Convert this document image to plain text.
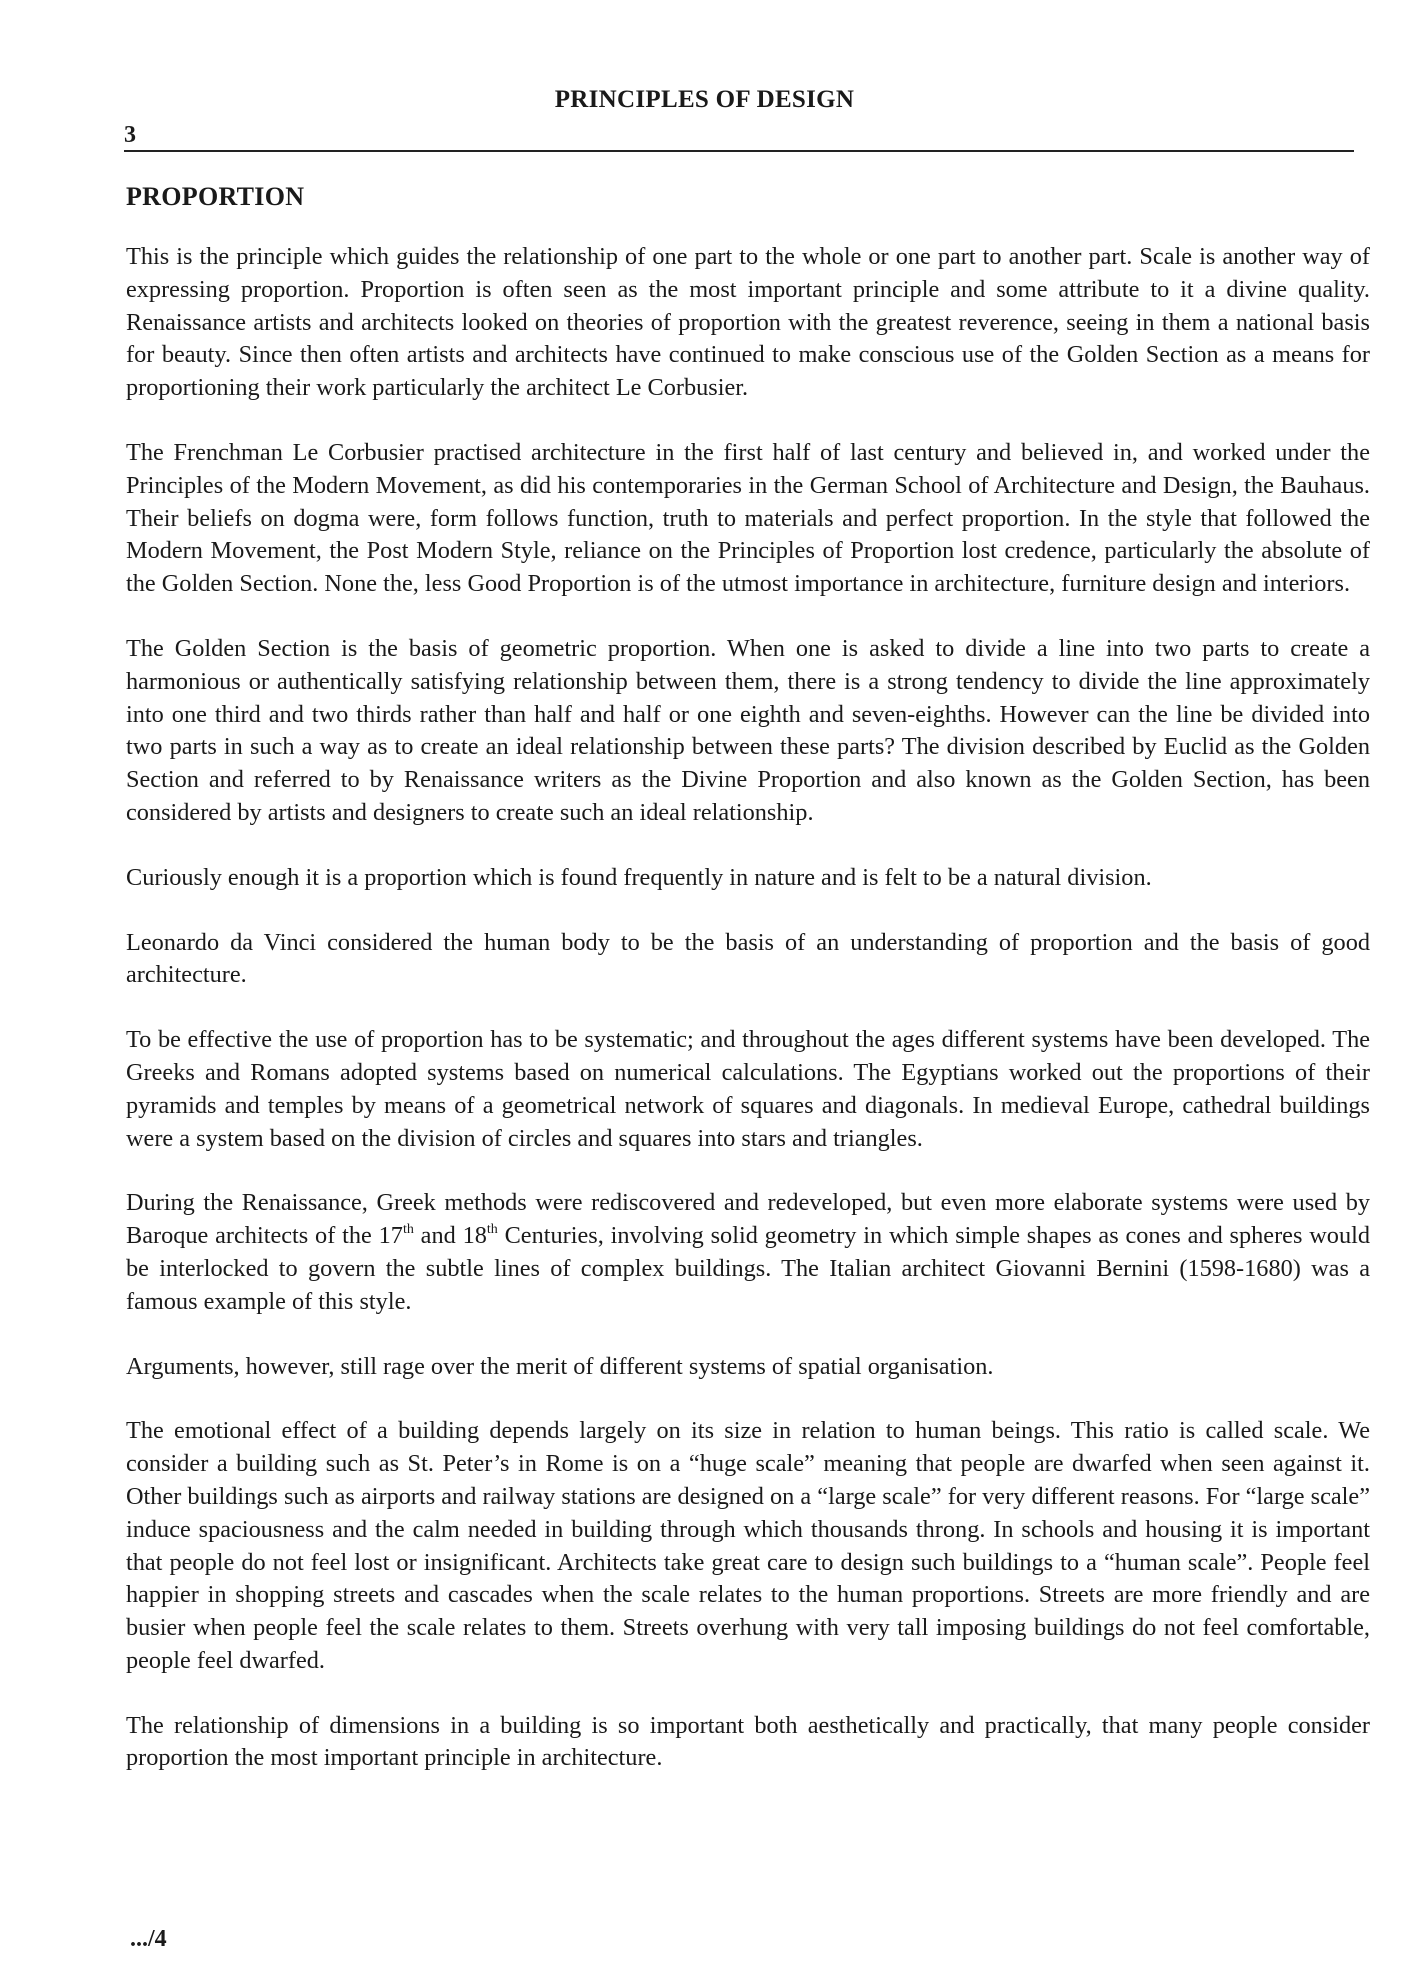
PRINCIPLES OF DESIGN
3
PROPORTION

This is the principle which guides the relationship of one part to the whole or one part to another part. Scale is another way of expressing proportion. Proportion is often seen as the most important principle and some attribute to it a divine quality. Renaissance artists and architects looked on theories of proportion with the greatest reverence, seeing in them a national basis for beauty. Since then often artists and architects have continued to make conscious use of the Golden Section as a means for proportioning their work particularly the architect Le Corbusier.

The Frenchman Le Corbusier practised architecture in the first half of last century and believed in, and worked under the Principles of the Modern Movement, as did his contemporaries in the German School of Architecture and Design, the Bauhaus. Their beliefs on dogma were, form follows function, truth to materials and perfect proportion. In the style that followed the Modern Movement, the Post Modern Style, reliance on the Principles of Proportion lost credence, particularly the absolute of the Golden Section. None the, less Good Proportion is of the utmost importance in architecture, furniture design and interiors.

The Golden Section is the basis of geometric proportion. When one is asked to divide a line into two parts to create a harmonious or authentically satisfying relationship between them, there is a strong tendency to divide the line approximately into one third and two thirds rather than half and half or one eighth and seven-eighths. However can the line be divided into two parts in such a way as to create an ideal relationship between these parts? The division described by Euclid as the Golden Section and referred to by Renaissance writers as the Divine Proportion and also known as the Golden Section, has been considered by artists and designers to create such an ideal relationship.

Curiously enough it is a proportion which is found frequently in nature and is felt to be a natural division.

Leonardo da Vinci considered the human body to be the basis of an understanding of proportion and the basis of good architecture.

To be effective the use of proportion has to be systematic; and throughout the ages different systems have been developed. The Greeks and Romans adopted systems based on numerical calculations. The Egyptians worked out the proportions of their pyramids and temples by means of a geometrical network of squares and diagonals. In medieval Europe, cathedral buildings were a system based on the division of circles and squares into stars and triangles.

During the Renaissance, Greek methods were rediscovered and redeveloped, but even more elaborate systems were used by Baroque architects of the 17th and 18th Centuries, involving solid geometry in which simple shapes as cones and spheres would be interlocked to govern the subtle lines of complex buildings. The Italian architect Giovanni Bernini (1598-1680) was a famous example of this style.

Arguments, however, still rage over the merit of different systems of spatial organisation.

The emotional effect of a building depends largely on its size in relation to human beings. This ratio is called scale. We consider a building such as St. Peter’s in Rome is on a “huge scale” meaning that people are dwarfed when seen against it. Other buildings such as airports and railway stations are designed on a “large scale” for very different reasons. For “large scale” induce spaciousness and the calm needed in building through which thousands throng. In schools and housing it is important that people do not feel lost or insignificant. Architects take great care to design such buildings to a “human scale”. People feel happier in shopping streets and cascades when the scale relates to the human proportions. Streets are more friendly and are busier when people feel the scale relates to them. Streets overhung with very tall imposing buildings do not feel comfortable, people feel dwarfed.

The relationship of dimensions in a building is so important both aesthetically and practically, that many people consider proportion the most important principle in architecture.

.../4
